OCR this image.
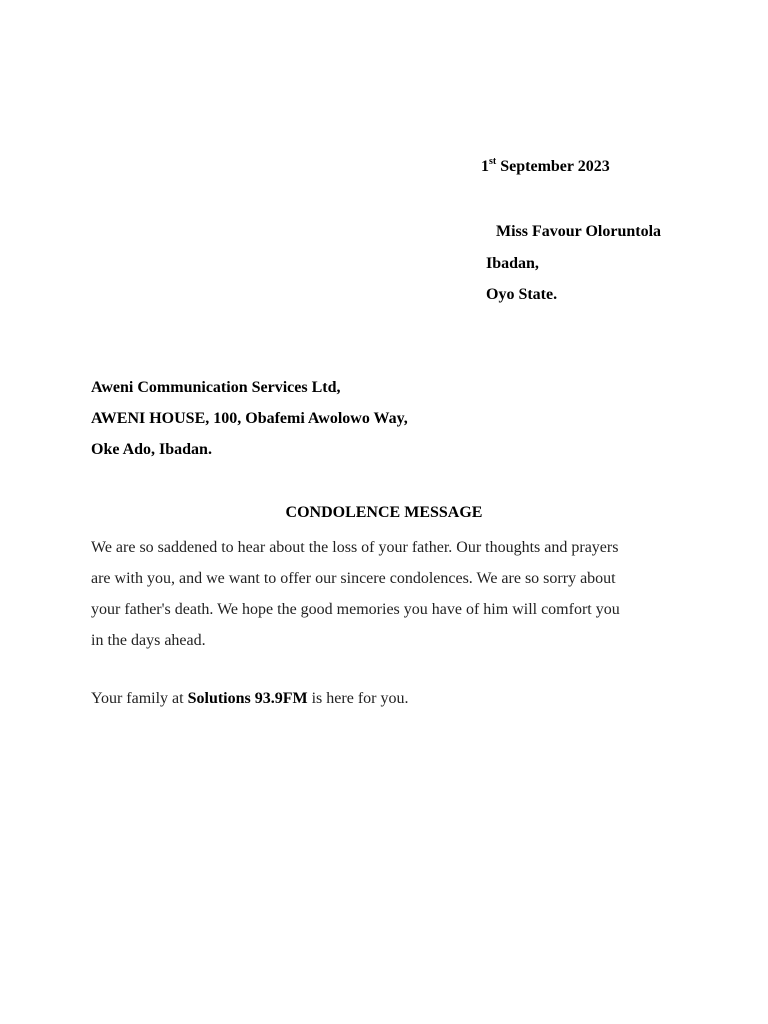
1st September 2023
Miss Favour Oloruntola
Ibadan,
Oyo State.
Aweni Communication Services Ltd,
AWENI HOUSE, 100, Obafemi Awolowo Way,
Oke Ado, Ibadan.
CONDOLENCE MESSAGE
We are so saddened to hear about the loss of your father. Our thoughts and prayers
are with you, and we want to offer our sincere condolences. We are so sorry about
your father's death. We hope the good memories you have of him will comfort you
in the days ahead.
Your family at Solutions 93.9FM is here for you.
